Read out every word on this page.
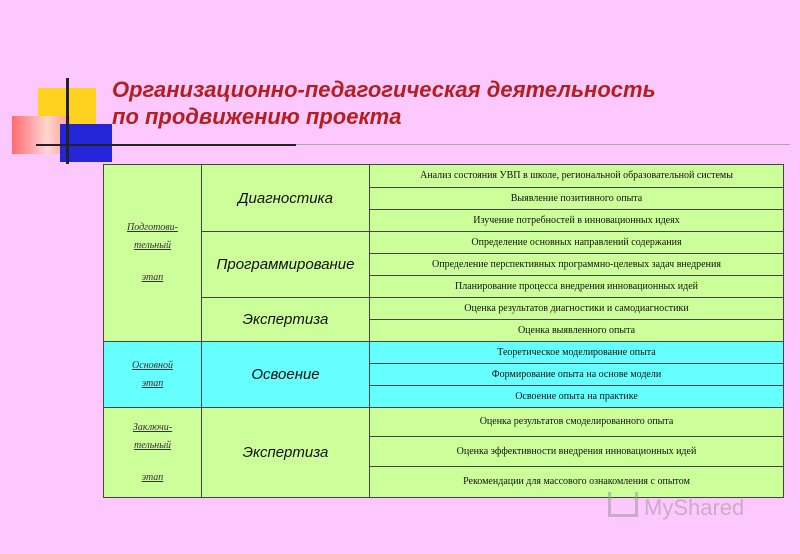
Организационно-педагогическая деятельность
по продвижению проекта
Подготови-
тельный
этап	Диагностика	Анализ состояния УВП в школе, региональной образовательной системы
		Выявление позитивного опыта
		Изучение потребностей в инновационных идеях
	Программирование	Определение основных направлений содержания
		Определение перспективных программно-целевых задач внедрения
		Планирование процесса внедрения инновационных идей
	Экспертиза	Оценка результатов диагностики и самодиагностики
		Оценка выявленного опыта

Основной
этап	Освоение	Теоретическое моделирование опыта
		Формирование опыта на основе модели
		Освоение опыта на практике

Заключи-
тельный
этап	Экспертиза	Оценка результатов смоделированного опыта
		Оценка эффективности внедрения инновационных идей
		Рекомендации для массового ознакомления с опытом
MyShared
